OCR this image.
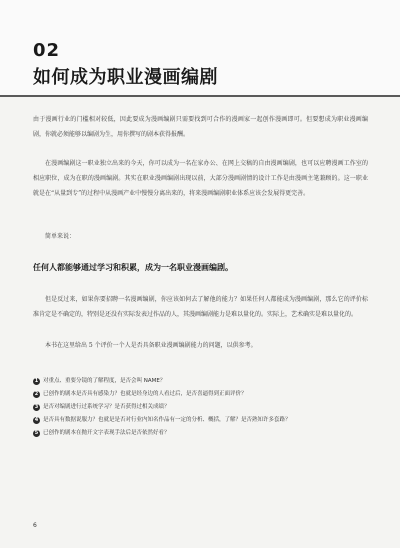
02
如何成为职业漫画编剧
由于漫画行业的门槛相对较低，因此要成为漫画编剧只需要找到可合作的漫画家一起创作漫画即可。但要想成为职业漫画编剧，你就必须能够以编剧为生，用你撰写的剧本获得报酬。
在漫画编剧这一职业独立出来的今天，你可以成为一名在家办公、在网上交稿的自由漫画编剧，也可以应聘漫画工作室的相应职位，成为在职的漫画编剧。其实在职业漫画编剧出现以前，大部分漫画剧情的设计工作是由漫画主笔兼顾的。这一职业就是在“从量到专”的过程中从漫画产业中慢慢分离出来的，将来漫画编剧职业体系应该会发展得更完善。
简单来说：
任何人都能够通过学习和积累，成为一名职业漫画编剧。
但是反过来，如果你要招聘一名漫画编剧，你应该如何去了解他的能力？如果任何人都能成为漫画编剧，那么它的评价标准肯定是不确定的，特别是还没有实际发表过作品的人，其漫画编剧能力是难以量化的。实际上，艺术确实是难以量化的。
本书在这里给出 5 个评价一个人是否具备职业漫画编剧能力的问题，以供参考。
1 对重点、重要分镜的了解程度，是否会叫 NAME？
2 已创作的剧本是否具有感染力？也就是经身边的人看过后，是否喜逼得到正面评价？
3 是否对编剧进行过系统学习？是否获得过相关成绩？
4 是否具有数据说服力？也就是是否对行业内知名作品有一定的分析、概括，了解？是否熟知许多套路？
5 已创作的剧本在抛开文字表现手法后是否依然好看？
6
